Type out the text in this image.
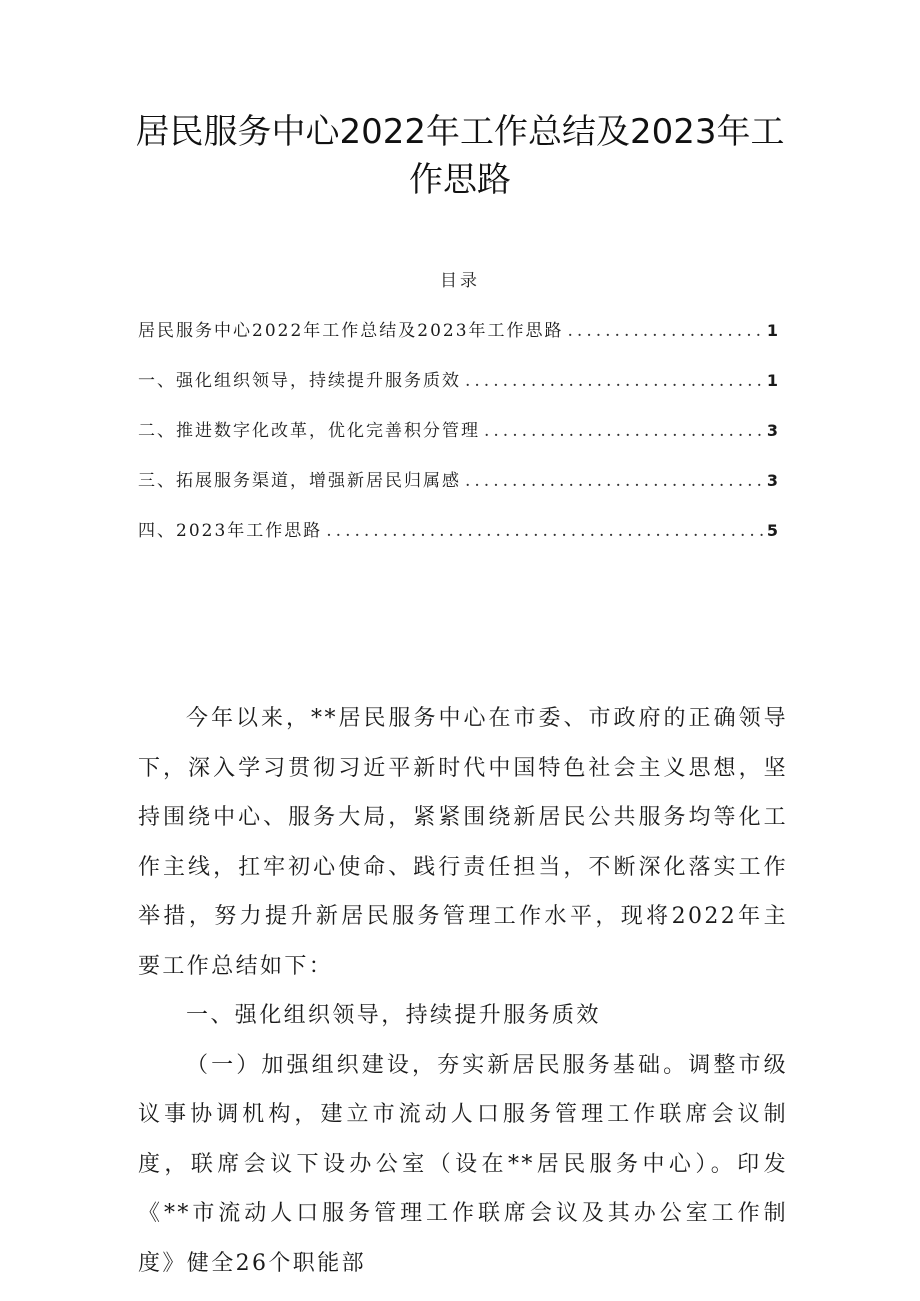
居民服务中心2022年工作总结及2023年工
作思路
目录
居民服务中心2022年工作总结及2023年工作思路 .....	1
一、强化组织领导，持续提升服务质效 .....	1
二、推进数字化改革，优化完善积分管理 .....	3
三、拓展服务渠道，增强新居民归属感 .....	3
四、2023年工作思路 .....	5

今年以来，**居民服务中心在市委、市政府的正确领导下，深入学习贯彻习近平新时代中国特色社会主义思想，坚持围绕中心、服务大局，紧紧围绕新居民公共服务均等化工作主线，扛牢初心使命、践行责任担当，不断深化落实工作举措，努力提升新居民服务管理工作水平，现将2022年主要工作总结如下：

一、强化组织领导，持续提升服务质效

（一）加强组织建设，夯实新居民服务基础。调整市级议事协调机构，建立市流动人口服务管理工作联席会议制度，联席会议下设办公室（设在**居民服务中心）。印发《**市流动人口服务管理工作联席会议及其办公室工作制度》健全26个职能部
